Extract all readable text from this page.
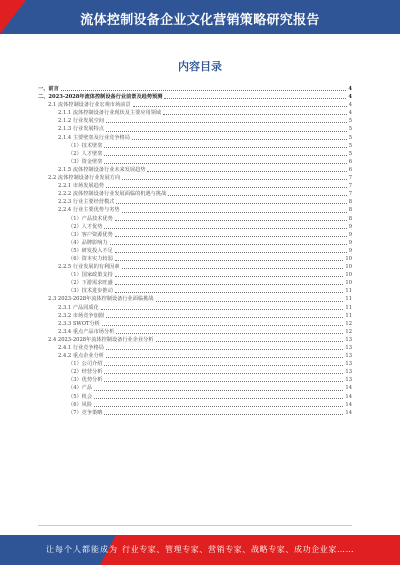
流体控制设备企业文化营销策略研究报告
内容目录
一、前言	4
二、2023-2028年流体控制设备行业前景及趋势预测	4
2.1 流体控制设备行业宏观市场前景	4
2.1.1 流体控制设备行业现状及主要应用领域	4
2.1.2 行业发展空间	5
2.1.3 行业发展特点	5
2.1.4 主要壁垒及行业竞争格局	5
（1）技术壁垒	5
（2）人才壁垒	5
（3）资金壁垒	6
2.1.5 流体控制设备行业未来发展趋势	6
2.2 流体控制设备行业发展方向	7
2.2.1 市场发展趋势	7
2.2.2 流体控制设备行业发展面临的机遇与挑战	7
2.2.3 行业主要经营模式	8
2.2.4 行业主要优势与劣势	8
（1）产品技术优势	8
（2）人才优势	9
（3）客户资源优势	9
（4）品牌影响力	9
（5）研发投入不足	9
（6）资本实力较弱	10
2.2.5 行业发展的有利因素	10
（1）国家政策支持	10
（2）下游需求旺盛	10
（3）技术进步推动	11
2.3 2023-2028年流体控制设备行业面临挑战	11
2.3.1 产品同质化	11
2.3.2 市场竞争加剧	11
2.3.3 SWOT分析	12
2.3.4 重点产品市场分析	12
2.4 2023-2028年流体控制设备行业企业分析	13
2.4.1 行业竞争格局	13
2.4.2 重点企业分析	13
（1）公司介绍	13
（2）经营分析	13
（3）优势分析	13
（4）产品	14
（5）机会	14
（6）风险	14
（7）竞争策略	14
让每个人都能成为 行业专家、管理专家、营销专家、战略专家、成功企业家……
